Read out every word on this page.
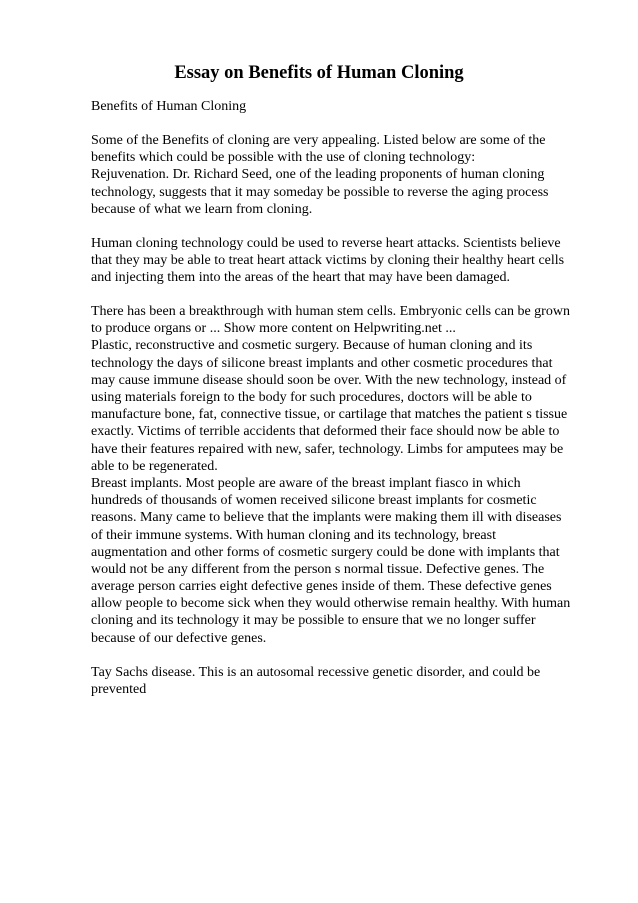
Essay on Benefits of Human Cloning
Benefits of Human Cloning
Some of the Benefits of cloning are very appealing. Listed below are some of the
benefits which could be possible with the use of cloning technology:
Rejuvenation. Dr. Richard Seed, one of the leading proponents of human cloning
technology, suggests that it may someday be possible to reverse the aging process
because of what we learn from cloning.
Human cloning technology could be used to reverse heart attacks. Scientists believe
that they may be able to treat heart attack victims by cloning their healthy heart cells
and injecting them into the areas of the heart that may have been damaged.
There has been a breakthrough with human stem cells. Embryonic cells can be grown
to produce organs or ... Show more content on Helpwriting.net ...
Plastic, reconstructive and cosmetic surgery. Because of human cloning and its
technology the days of silicone breast implants and other cosmetic procedures that
may cause immune disease should soon be over. With the new technology, instead of
using materials foreign to the body for such procedures, doctors will be able to
manufacture bone, fat, connective tissue, or cartilage that matches the patient s tissue
exactly. Victims of terrible accidents that deformed their face should now be able to
have their features repaired with new, safer, technology. Limbs for amputees may be
able to be regenerated.
Breast implants. Most people are aware of the breast implant fiasco in which
hundreds of thousands of women received silicone breast implants for cosmetic
reasons. Many came to believe that the implants were making them ill with diseases
of their immune systems. With human cloning and its technology, breast
augmentation and other forms of cosmetic surgery could be done with implants that
would not be any different from the person s normal tissue. Defective genes. The
average person carries eight defective genes inside of them. These defective genes
allow people to become sick when they would otherwise remain healthy. With human
cloning and its technology it may be possible to ensure that we no longer suffer
because of our defective genes.
Tay Sachs disease. This is an autosomal recessive genetic disorder, and could be
prevented
